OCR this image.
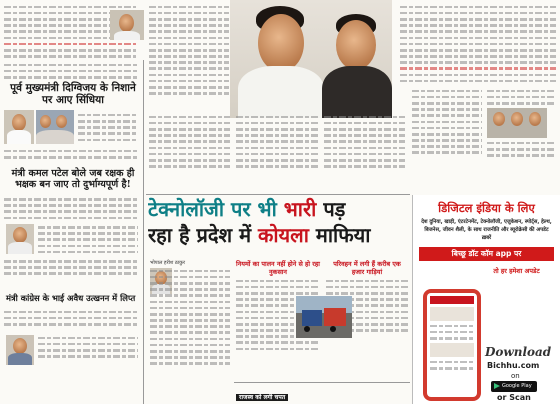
पूर्व मुख्यमंत्री दिग्विजय के निशाने पर आए सिंधिया
मंत्री कमल पटेल बोले जब रक्षक ही भक्षक बन जाए तो दुर्भाग्यपूर्ण है!
मंत्री कांग्रेस के भाई अवैध उत्खनन में लिप्त
टेक्नोलॉजी पर भी भारी पड़
रहा है प्रदेश में कोयला माफिया
भोपाल हरीश ठाकुर	नियमों का पालन नहीं होने से हो रहा नुकसान
परिवहन में लगी हैं करीब एक हजार गाड़ियां
राजस्व को लगी चपत
डिजिटल इंडिया के लिए
देश दुनिया, खाड़ी, एंटरटेनमेंट, टेक्नोलॉजी, एजुकेशन, स्पोर्ट्स, हेल्थ, बिजनेस, जीवन शैली, के साथ राजनीति और ब्यूरोक्रेसी की अपडेट ख़बरें
बिच्छू डॉट कॉम app पर
तो हर हमेशा अपडेट
Download
Bichhu.com
on
Google Play
or Scan
